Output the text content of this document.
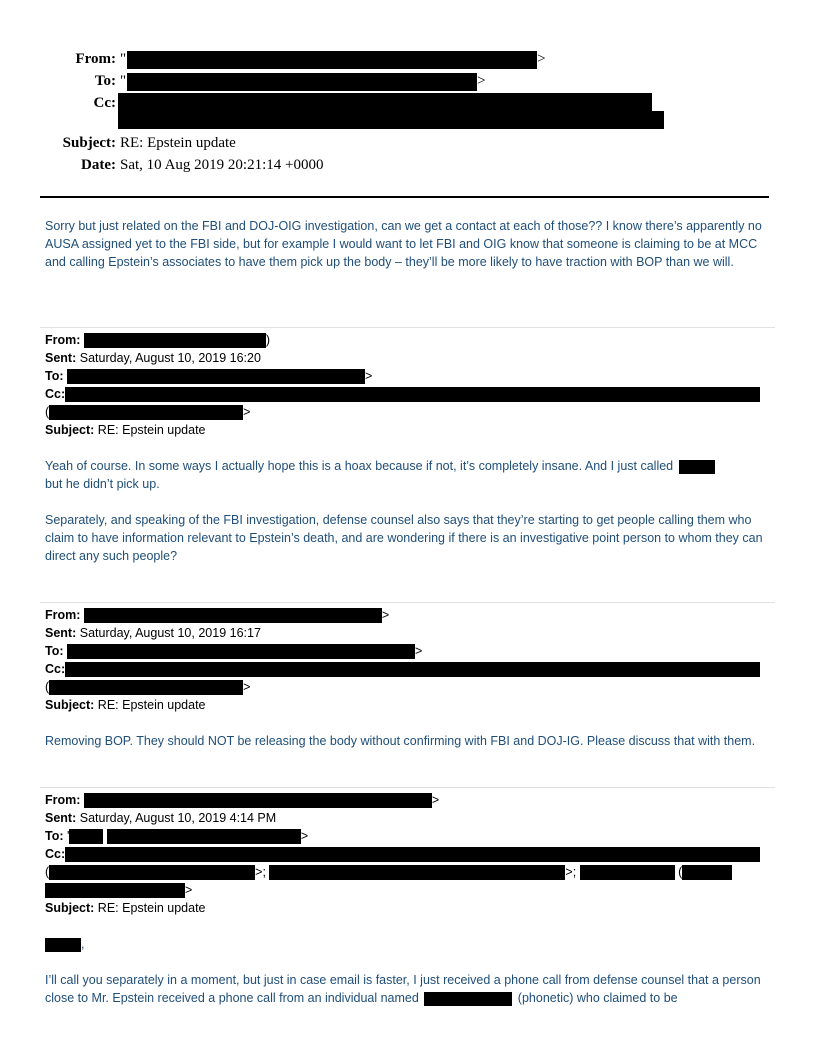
From: "	>
To: "	>
Cc:
Subject: RE: Epstein update
Date: Sat, 10 Aug 2019 20:21:14 +0000
Sorry but just related on the FBI and DOJ-OIG investigation, can we get a contact at each of those?? I know there’s apparently no AUSA assigned yet to the FBI side, but for example I would want to let FBI and OIG know that someone is claiming to be at MCC and calling Epstein’s associates to have them pick up the body – they’ll be more likely to have traction with BOP than we will.
From:	)
Sent: Saturday, August 10, 2019 16:20
To:	>
Cc:
(	>
Subject: RE: Epstein update
Yeah of course. In some ways I actually hope this is a hoax because if not, it’s completely insane. And I just called
but he didn’t pick up.
Separately, and speaking of the FBI investigation, defense counsel also says that they’re starting to get people calling them who claim to have information relevant to Epstein’s death, and are wondering if there is an investigative point person to whom they can direct any such people?
From:	>
Sent: Saturday, August 10, 2019 16:17
To:	>
Cc:
(	>
Subject: RE: Epstein update
Removing BOP. They should NOT be releasing the body without confirming with FBI and DOJ-IG. Please discuss that with them.
From:	>
Sent: Saturday, August 10, 2019 4:14 PM
To: '	>
Cc:
(	>;	>;	(
>
Subject: RE: Epstein update
,
I’ll call you separately in a moment, but just in case email is faster, I just received a phone call from defense counsel that a person close to Mr. Epstein received a phone call from an individual named	(phonetic) who claimed to be
